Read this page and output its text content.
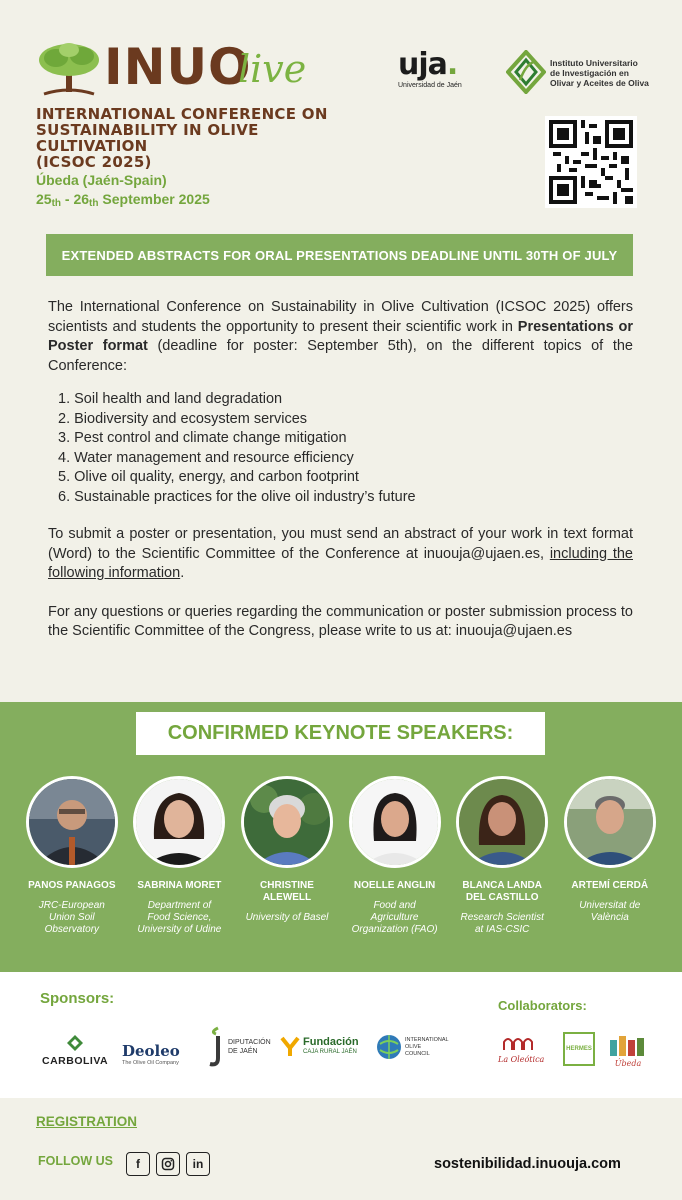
INUO
live
INTERNATIONAL CONFERENCE ON
SUSTAINABILITY IN OLIVE CULTIVATION
(ICSOC 2025)
Úbeda (Jaén-Spain)
$25_{th} - 26_{th}$ September 2025
uja.
Universidad de Jaén
Instituto Universitario
de Investigación en
Olivar y Aceites de Oliva
EXTENDED ABSTRACTS FOR ORAL PRESENTATIONS DEADLINE UNTIL 30TH OF JULY

The International Conference on Sustainability in Olive Cultivation (ICSOC 2025) offers scientists and students the opportunity to present their scientific work in Presentations or Poster format (deadline for poster: September 5th), on the different topics of the Conference:

1. Soil health and land degradation
2. Biodiversity and ecosystem services
3. Pest control and climate change mitigation
4. Water management and resource efficiency
5. Olive oil quality, energy, and carbon footprint
6. Sustainable practices for the olive oil industry’s future

To submit a poster or presentation, you must send an abstract of your work in text format (Word) to the Scientific Committee of the Conference at inuouja@ujaen.es, including the following information.

For any questions or queries regarding the communication or poster submission process to the Scientific Committee of the Congress, please write to us at: inuouja@ujaen.es

CONFIRMED KEYNOTE SPEAKERS:
PANOS PANAGOS
JRC-European Union Soil Observatory
SABRINA MORET
Department of Food Science, University of Udine
CHRISTINE ALEWELL
University of Basel
NOELLE ANGLIN
Food and Agriculture Organization (FAO)
BLANCA LANDA DEL CASTILLO
Research Scientist at IAS-CSIC
ARTEMÍ CERDÁ
Universitat de València
Sponsors:	Collaborators:
CARBOLIVA
Deoleo
The Olive Oil Company
DIPUTACIÓN
DE JAÉN
Fundación
CAJA RURAL JAÉN
INTERNATIONAL
OLIVE
COUNCIL
La Oleótica
HERMES
Úbeda
REGISTRATION
FOLLOW US	f	in	sostenibilidad.inuouja.com
